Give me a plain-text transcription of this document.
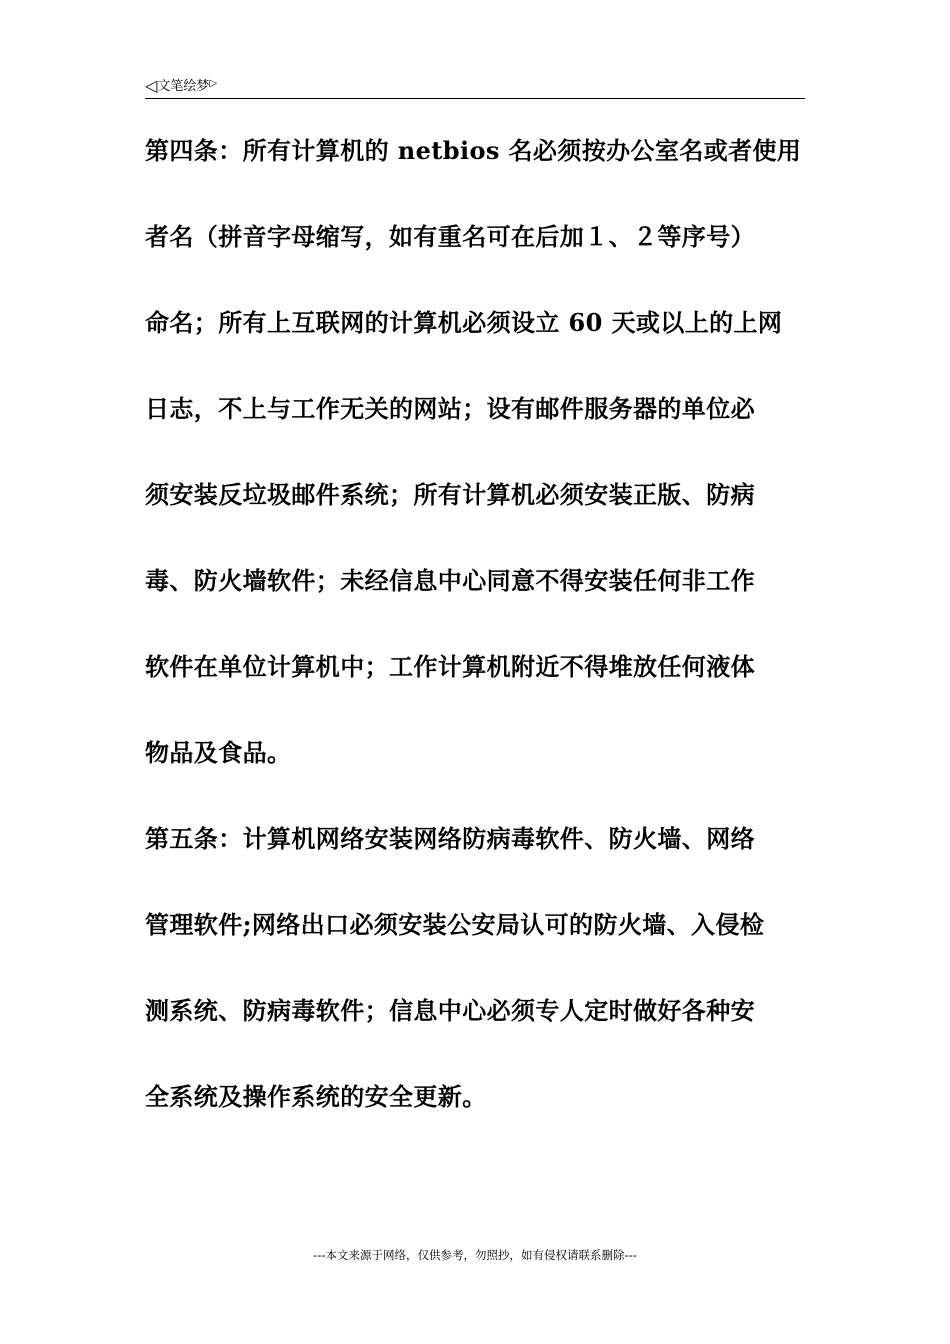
◁文笔绘梦▷
第四条：所有计算机的 netbios 名必须按办公室名或者使用
者名（拼音字母缩写，如有重名可在后加１、２等序号）
命名；所有上互联网的计算机必须设立 60 天或以上的上网
日志，不上与工作无关的网站；设有邮件服务器的单位必
须安装反垃圾邮件系统；所有计算机必须安装正版、防病
毒、防火墙软件；未经信息中心同意不得安装任何非工作
软件在单位计算机中；工作计算机附近不得堆放任何液体
物品及食品。
第五条：计算机网络安装网络防病毒软件、防火墙、网络
管理软件;网络出口必须安装公安局认可的防火墙、入侵检
测系统、防病毒软件；信息中心必须专人定时做好各种安
全系统及操作系统的安全更新。
---本文来源于网络，仅供参考，勿照抄，如有侵权请联系删除---
